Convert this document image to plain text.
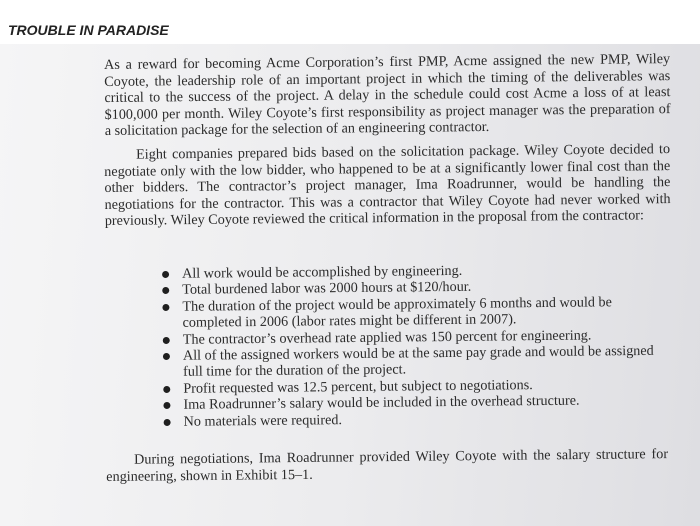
TROUBLE IN PARADISE

As a reward for becoming Acme Corporation’s first PMP, Acme assigned the new PMP, Wiley Coyote, the leadership role of an important project in which the timing of the deliverables was critical to the success of the project. A delay in the schedule could cost Acme a loss of at least $100,000 per month. Wiley Coyote’s first responsibility as project manager was the preparation of a solicitation package for the selection of an engineering contractor.

Eight companies prepared bids based on the solicitation package. Wiley Coyote decided to negotiate only with the low bidder, who happened to be at a significantly lower final cost than the other bidders. The contractor’s project manager, Ima Roadrunner, would be handling the negotiations for the contractor. This was a contractor that Wiley Coyote had never worked with previously. Wiley Coyote reviewed the critical information in the proposal from the contractor:

All work would be accomplished by engineering.
Total burdened labor was 2000 hours at $120/hour.
The duration of the project would be approximately 6 months and would be completed in 2006 (labor rates might be different in 2007).
The contractor’s overhead rate applied was 150 percent for engineering.
All of the assigned workers would be at the same pay grade and would be assigned full time for the duration of the project.
Profit requested was 12.5 percent, but subject to negotiations.
Ima Roadrunner’s salary would be included in the overhead structure.
No materials were required.

During negotiations, Ima Roadrunner provided Wiley Coyote with the salary structure for engineering, shown in Exhibit 15–1.
